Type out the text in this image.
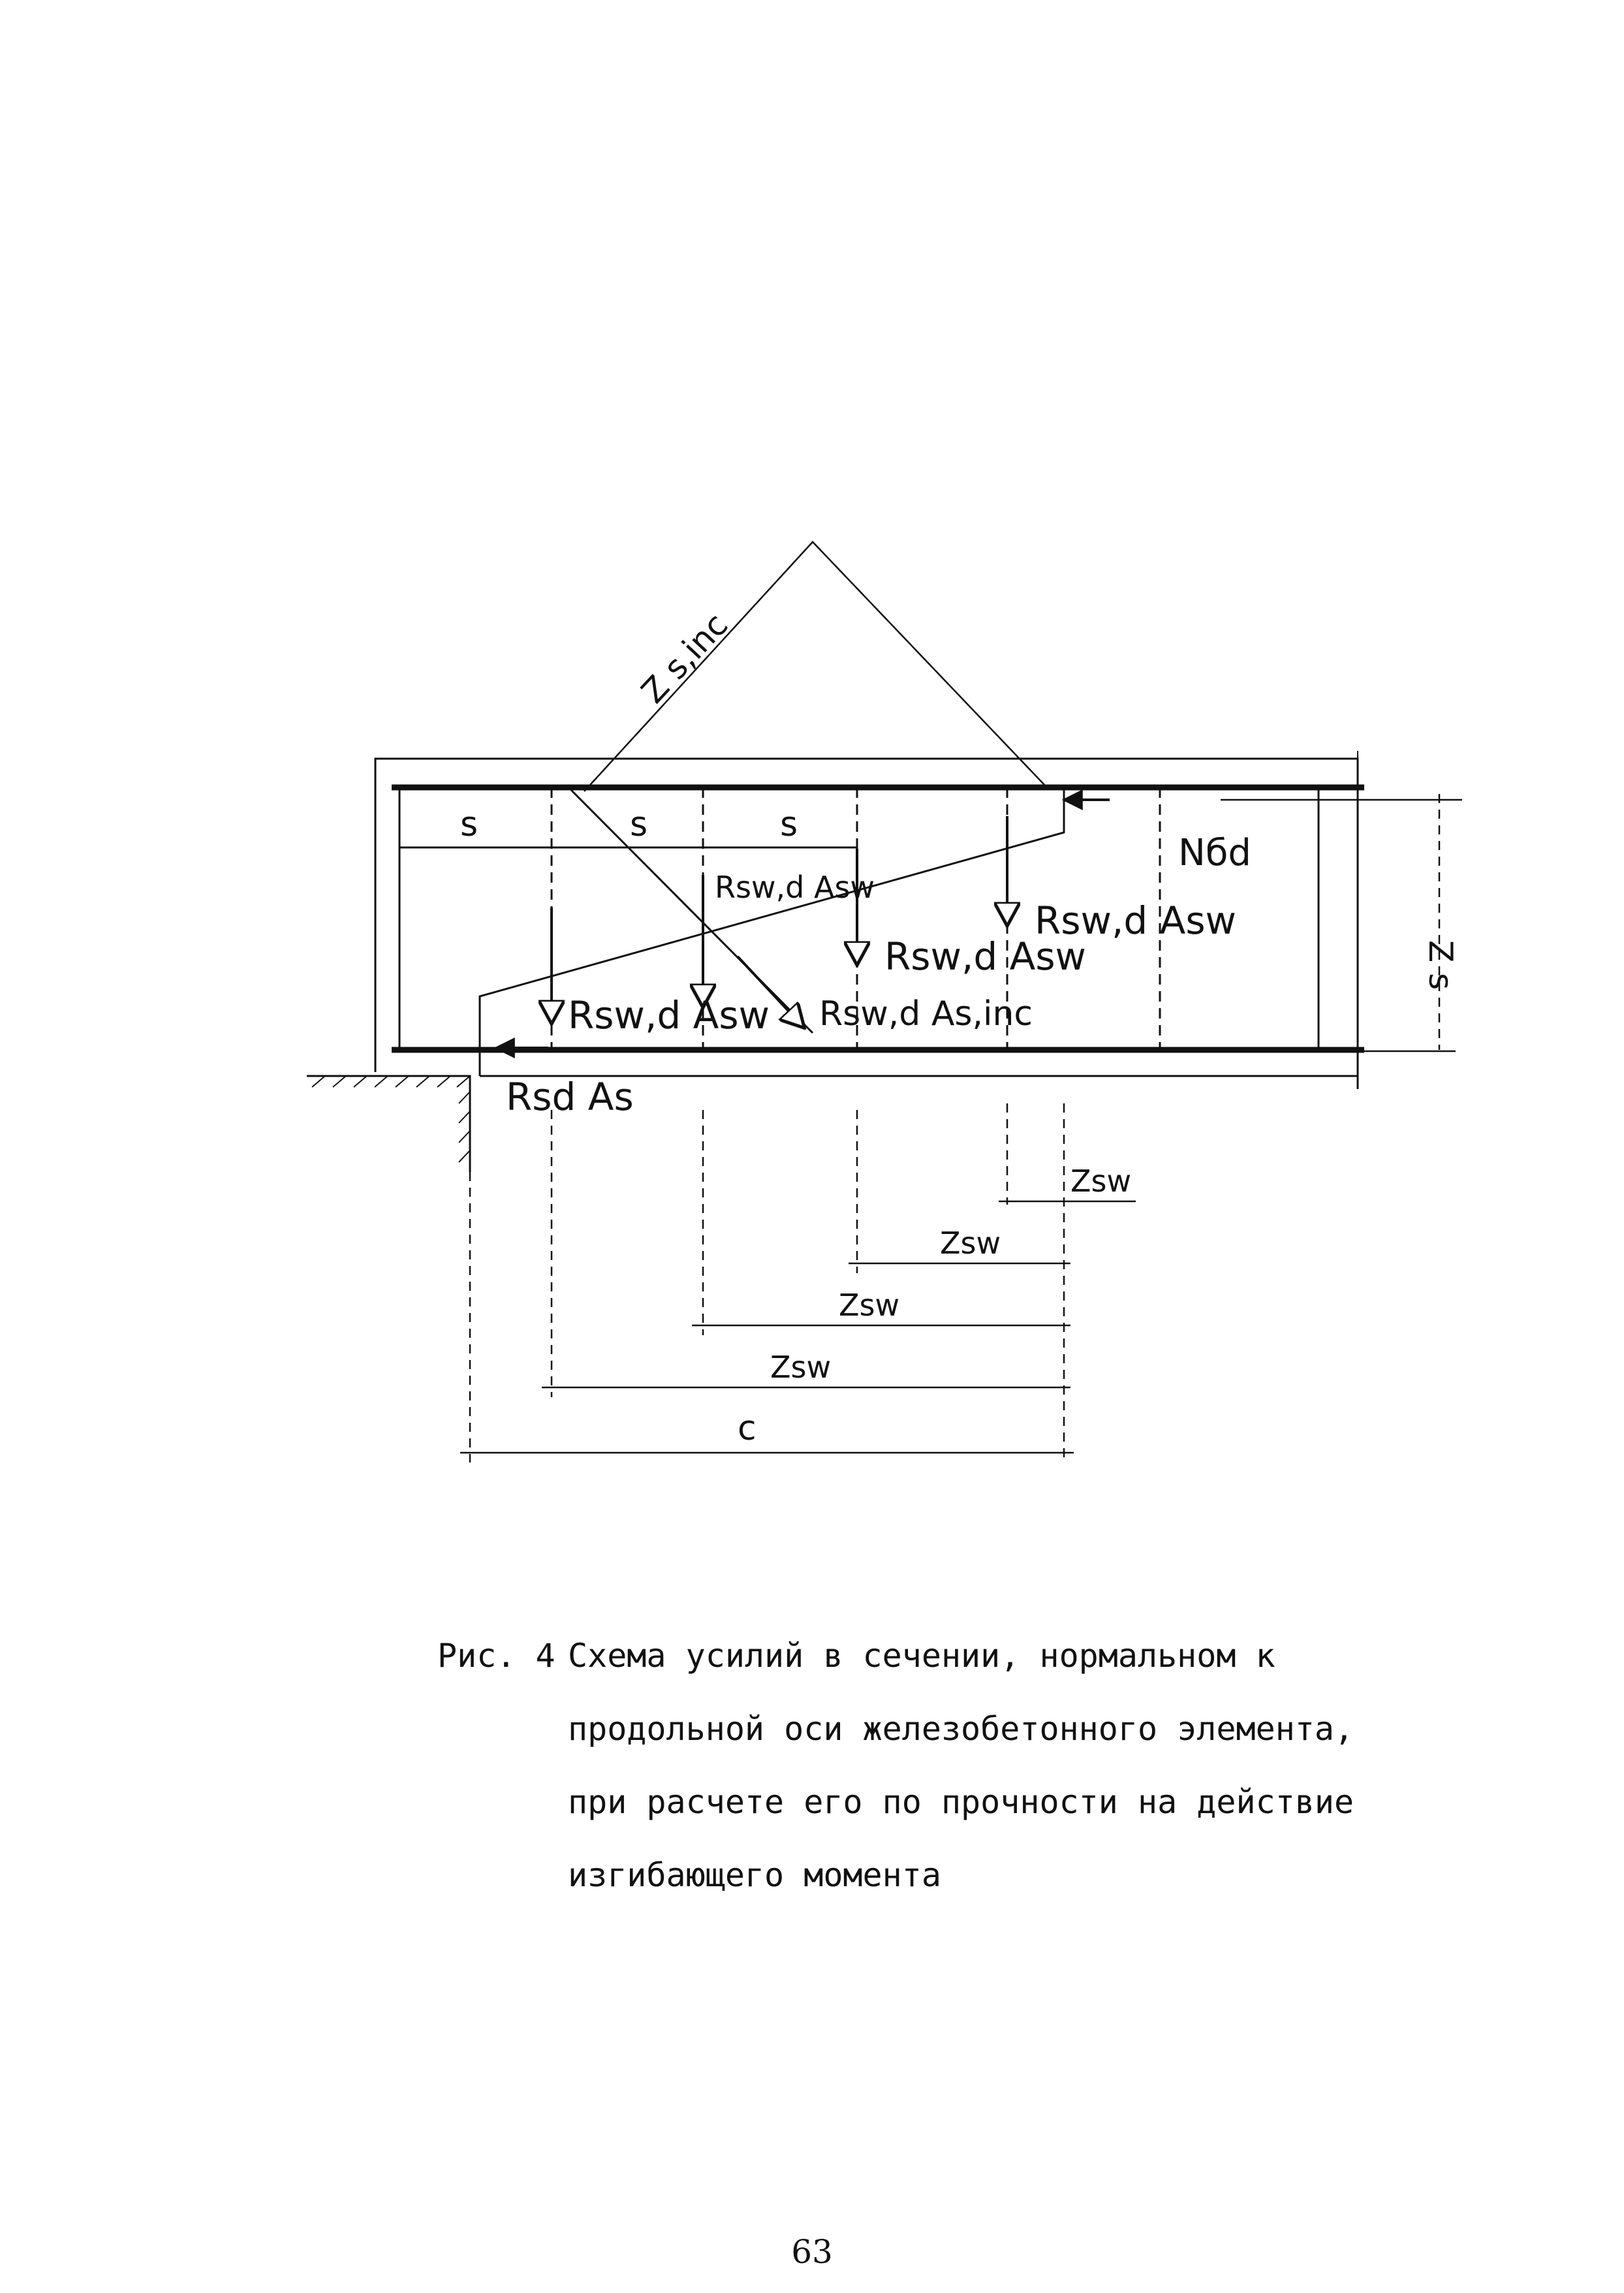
Z s,inc
s	s	s
Nбd
Z s
Rsw,d Asw
Rsw,d Asw
Rsw,d Asw
Rsw,d Asw Rsw,d As,inc
Rsd As
Zsw
Zsw
Zsw
Zsw
c
Рис. 4 Схема усилий в сечении, нормальном к
продольной оси железобетонного элемента,
при расчете его по прочности на действие
изгибающего момента
63
